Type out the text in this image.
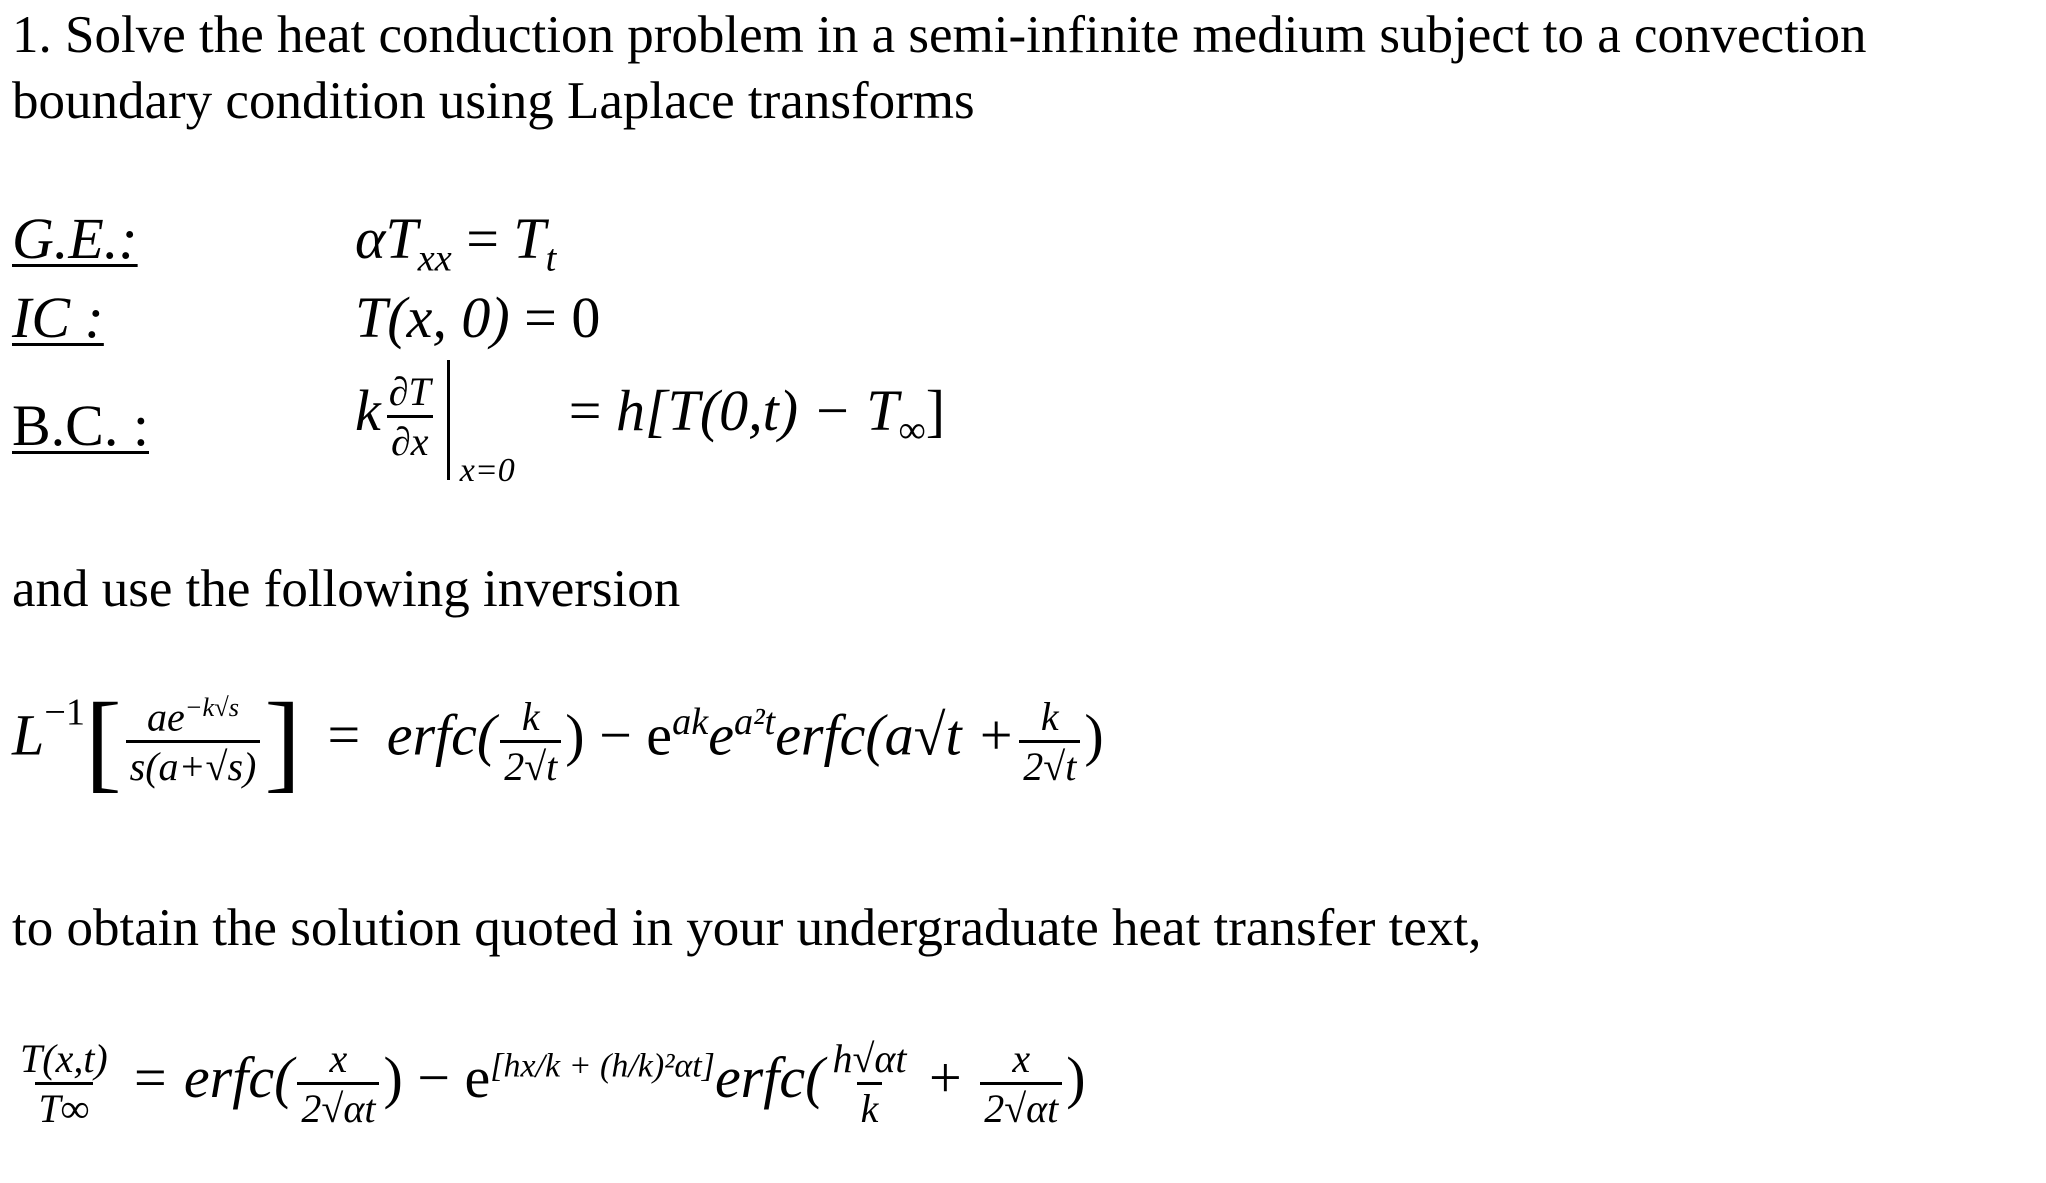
1. Solve the heat conduction problem in a semi-infinite medium subject to a convection
boundary condition using Laplace transforms
G.E.:
IC :
B.C. :
$\alpha T_{xx} = T_t$
T(x, 0) = 0
k $\frac{\partial T}{\partial x}$
x=0
= $h[T(0,t) - T_\infty]$
and use the following inversion
$L^{-1}[ \frac{ae^{-k√s}}{s(a+√s)}$ ] = erfc( $\frac{k}{2√t}$ ) − $e^{ak}e^{a^2t}erfc(a√t + \frac{k}{2√t}$ )
to obtain the solution quoted in your undergraduate heat transfer text,
$\frac{T(x,t)}{T\infty}$ = erfc( $\frac{x}{2√\alpha t}$ ) − e[hx/k + (h/k)²αt]erfc( $\frac{h√\alpha t}{k} + \frac{x}{2√\alpha t}$ )
